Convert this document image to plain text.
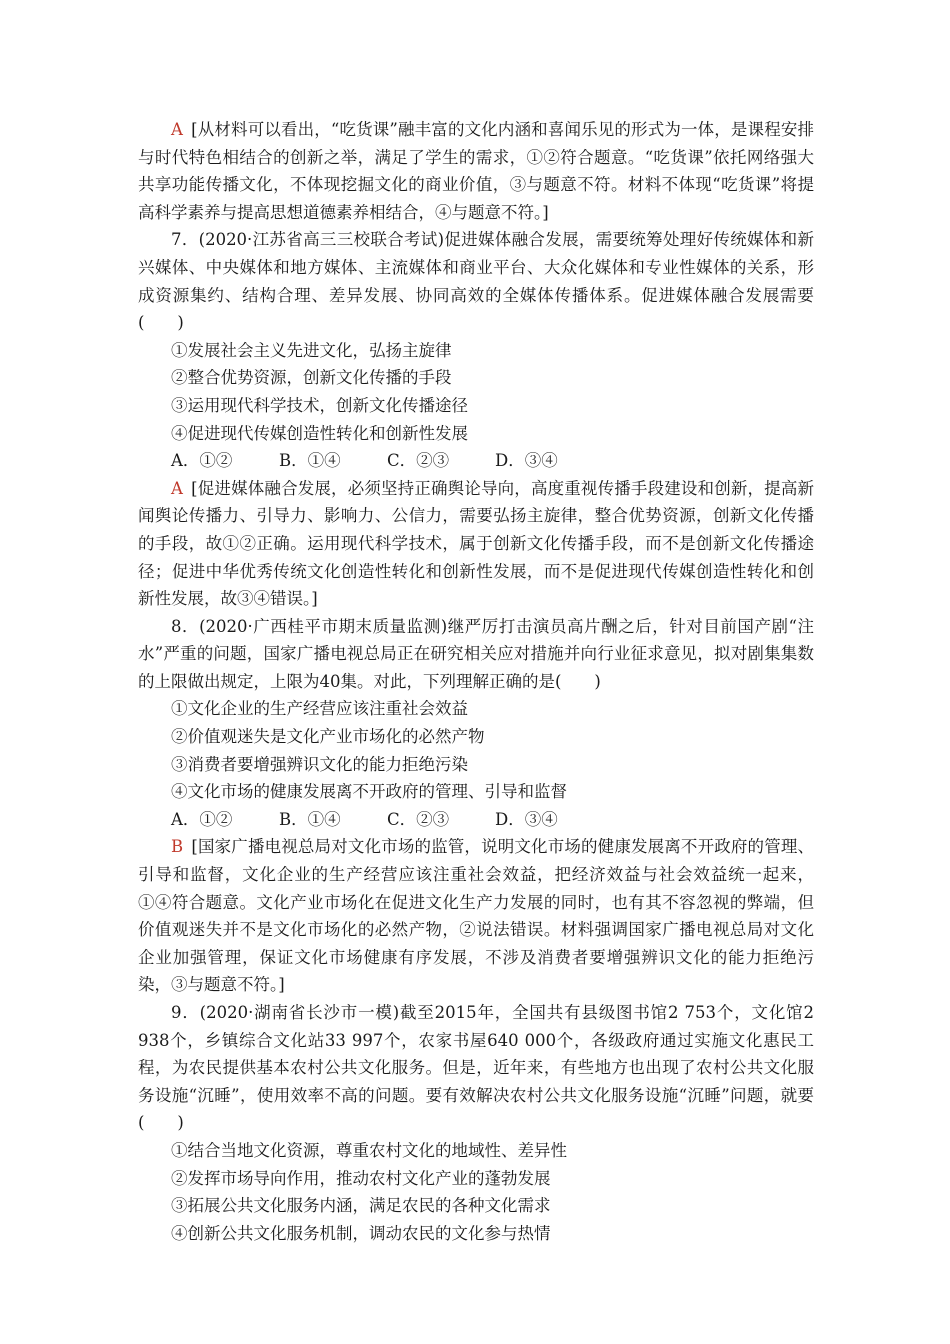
A  [从材料可以看出，“吃货课”融丰富的文化内涵和喜闻乐见的形式为一体，是课程安排与时代特色相结合的创新之举，满足了学生的需求，①②符合题意。“吃货课”依托网络强大共享功能传播文化，不体现挖掘文化的商业价值，③与题意不符。材料不体现“吃货课”将提高科学素养与提高思想道德素养相结合，④与题意不符。]

7．(2020·江苏省高三三校联合考试)促进媒体融合发展，需要统筹处理好传统媒体和新兴媒体、中央媒体和地方媒体、主流媒体和商业平台、大众化媒体和专业性媒体的关系，形成资源集约、结构合理、差异发展、协同高效的全媒体传播体系。促进媒体融合发展需要(　　)

①发展社会主义先进文化，弘扬主旋律

②整合优势资源，创新文化传播的手段

③运用现代科学技术，创新文化传播途径

④促进现代传媒创造性转化和创新性发展

A．①②	B．①④	C．②③	D．③④

A  [促进媒体融合发展，必须坚持正确舆论导向，高度重视传播手段建设和创新，提高新闻舆论传播力、引导力、影响力、公信力，需要弘扬主旋律，整合优势资源，创新文化传播的手段，故①②正确。运用现代科学技术，属于创新文化传播手段，而不是创新文化传播途径；促进中华优秀传统文化创造性转化和创新性发展，而不是促进现代传媒创造性转化和创新性发展，故③④错误。]

8．(2020·广西桂平市期末质量监测)继严厉打击演员高片酬之后，针对目前国产剧“注水”严重的问题，国家广播电视总局正在研究相关应对措施并向行业征求意见，拟对剧集集数的上限做出规定，上限为40集。对此，下列理解正确的是(　　)

①文化企业的生产经营应该注重社会效益

②价值观迷失是文化产业市场化的必然产物

③消费者要增强辨识文化的能力拒绝污染

④文化市场的健康发展离不开政府的管理、引导和监督

A．①②	B．①④	C．②③	D．③④

B  [国家广播电视总局对文化市场的监管，说明文化市场的健康发展离不开政府的管理、引导和监督，文化企业的生产经营应该注重社会效益，把经济效益与社会效益统一起来，①④符合题意。文化产业市场化在促进文化生产力发展的同时，也有其不容忽视的弊端，但价值观迷失并不是文化市场化的必然产物，②说法错误。材料强调国家广播电视总局对文化企业加强管理，保证文化市场健康有序发展，不涉及消费者要增强辨识文化的能力拒绝污染，③与题意不符。]

9．(2020·湖南省长沙市一模)截至2015年，全国共有县级图书馆2 753个，文化馆2 938个，乡镇综合文化站33 997个，农家书屋640 000个，各级政府通过实施文化惠民工程，为农民提供基本农村公共文化服务。但是，近年来，有些地方也出现了农村公共文化服务设施“沉睡”，使用效率不高的问题。要有效解决农村公共文化服务设施“沉睡”问题，就要(　　)

①结合当地文化资源，尊重农村文化的地域性、差异性

②发挥市场导向作用，推动农村文化产业的蓬勃发展

③拓展公共文化服务内涵，满足农民的各种文化需求

④创新公共文化服务机制，调动农民的文化参与热情
